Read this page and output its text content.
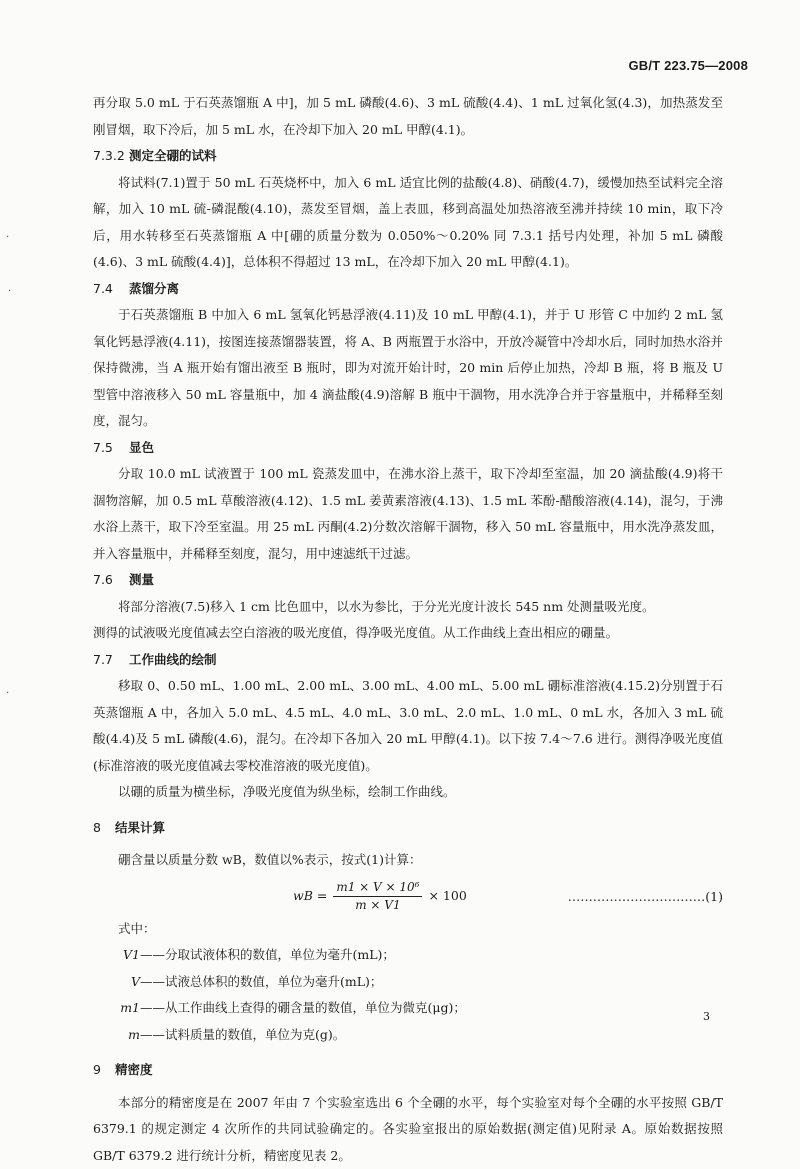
GB/T 223.75—2008
·
·
·

再分取 5.0 mL 于石英蒸馏瓶 A 中]，加 5 mL 磷酸(4.6)、3 mL 硫酸(4.4)、1 mL 过氧化氢(4.3)，加热蒸发至刚冒烟，取下冷后，加 5 mL 水，在冷却下加入 20 mL 甲醇(4.1)。

7.3.2 测定全硼的试料

将试料(7.1)置于 50 mL 石英烧杯中，加入 6 mL 适宜比例的盐酸(4.8)、硝酸(4.7)，缓慢加热至试料完全溶解，加入 10 mL 硫-磷混酸(4.10)，蒸发至冒烟，盖上表皿，移到高温处加热溶液至沸并持续 10 min，取下冷后，用水转移至石英蒸馏瓶 A 中[硼的质量分数为 0.050%～0.20% 同 7.3.1 括号内处理，补加 5 mL 磷酸(4.6)、3 mL 硫酸(4.4)]，总体积不得超过 13 mL，在冷却下加入 20 mL 甲醇(4.1)。

7.4 蒸馏分离

于石英蒸馏瓶 B 中加入 6 mL 氢氧化钙悬浮液(4.11)及 10 mL 甲醇(4.1)，并于 U 形管 C 中加约 2 mL 氢氧化钙悬浮液(4.11)，按图连接蒸馏器装置，将 A、B 两瓶置于水浴中，开放冷凝管中冷却水后，同时加热水浴并保持微沸，当 A 瓶开始有馏出液至 B 瓶时，即为对流开始计时，20 min 后停止加热，冷却 B 瓶，将 B 瓶及 U 型管中溶液移入 50 mL 容量瓶中，加 4 滴盐酸(4.9)溶解 B 瓶中干涸物，用水洗净合并于容量瓶中，并稀释至刻度，混匀。

7.5 显色

分取 10.0 mL 试液置于 100 mL 瓷蒸发皿中，在沸水浴上蒸干，取下冷却至室温，加 20 滴盐酸(4.9)将干涸物溶解，加 0.5 mL 草酸溶液(4.12)、1.5 mL 姜黄素溶液(4.13)、1.5 mL 苯酚-醋酸溶液(4.14)，混匀，于沸水浴上蒸干，取下冷至室温。用 25 mL 丙酮(4.2)分数次溶解干涸物，移入 50 mL 容量瓶中，用水洗净蒸发皿，并入容量瓶中，并稀释至刻度，混匀，用中速滤纸干过滤。

7.6 测量

将部分溶液(7.5)移入 1 cm 比色皿中，以水为参比，于分光光度计波长 545 nm 处测量吸光度。

测得的试液吸光度值减去空白溶液的吸光度值，得净吸光度值。从工作曲线上查出相应的硼量。

7.7 工作曲线的绘制

移取 0、0.50 mL、1.00 mL、2.00 mL、3.00 mL、4.00 mL、5.00 mL 硼标准溶液(4.15.2)分别置于石英蒸馏瓶 A 中，各加入 5.0 mL、4.5 mL、4.0 mL、3.0 mL、2.0 mL、1.0 mL、0 mL 水，各加入 3 mL 硫酸(4.4)及 5 mL 磷酸(4.6)，混匀。在冷却下各加入 20 mL 甲醇(4.1)。以下按 7.4～7.6 进行。测得净吸光度值(标准溶液的吸光度值减去零校准溶液的吸光度值)。

以硼的质量为横坐标，净吸光度值为纵坐标，绘制工作曲线。

8 结果计算

硼含量以质量分数 wB，数值以%表示，按式(1)计算：

wB = $\frac{\text{m1 × V × 10⁶}}{m \times V1} \times 100$	……………………………(1)

式中：

V1 ——分取试液体积的数值，单位为毫升(mL)；
V ——试液总体积的数值，单位为毫升(mL)；
m1 ——从工作曲线上查得的硼含量的数值，单位为微克(μg)；
m ——试料质量的数值，单位为克(g)。
9 精密度

本部分的精密度是在 2007 年由 7 个实验室选出 6 个全硼的水平，每个实验室对每个全硼的水平按照 GB/T 6379.1 的规定测定 4 次所作的共同试验确定的。各实验室报出的原始数据(测定值)见附录 A。原始数据按照 GB/T 6379.2 进行统计分析，精密度见表 2。

3
